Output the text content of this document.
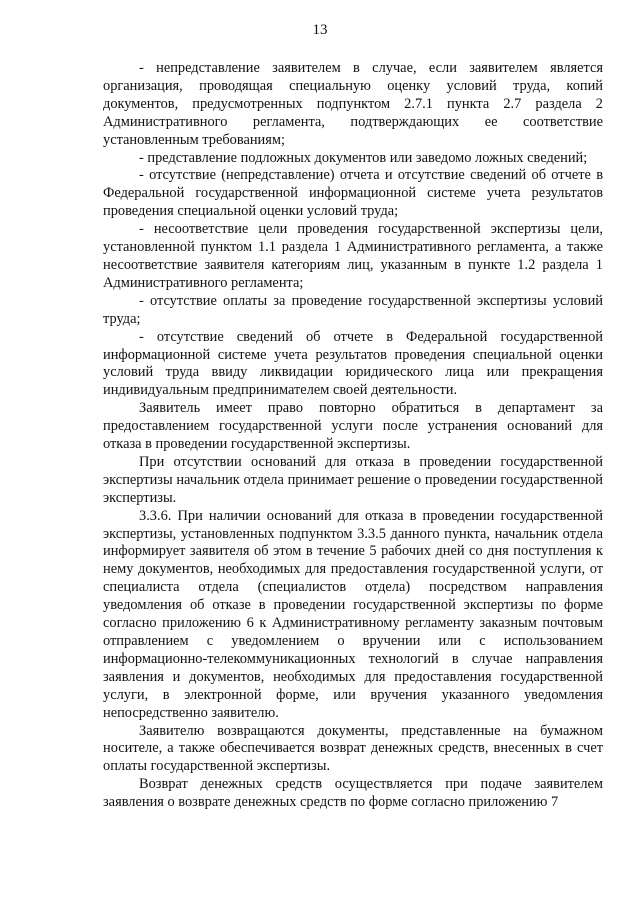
13

- непредставление заявителем в случае, если заявителем является организация, проводящая специальную оценку условий труда, копий документов, предусмотренных подпунктом 2.7.1 пункта 2.7 раздела 2 Административного регламента, подтверждающих ее соответствие установленным требованиям;

- представление подложных документов или заведомо ложных сведений;

- отсутствие (непредставление) отчета и отсутствие сведений об отчете в Федеральной государственной информационной системе учета результатов проведения специальной оценки условий труда;

- несоответствие цели проведения государственной экспертизы цели, установленной пунктом 1.1 раздела 1 Административного регламента, а также несоответствие заявителя категориям лиц, указанным в пункте 1.2 раздела 1 Административного регламента;

- отсутствие оплаты за проведение государственной экспертизы условий труда;

- отсутствие сведений об отчете в Федеральной государственной информационной системе учета результатов проведения специальной оценки условий труда ввиду ликвидации юридического лица или прекращения индивидуальным предпринимателем своей деятельности.

Заявитель имеет право повторно обратиться в департамент за предоставлением государственной услуги после устранения оснований для отказа в проведении государственной экспертизы.

При отсутствии оснований для отказа в проведении государственной экспертизы начальник отдела принимает решение о проведении государственной экспертизы.

3.3.6. При наличии оснований для отказа в проведении государственной экспертизы, установленных подпунктом 3.3.5 данного пункта, начальник отдела информирует заявителя об этом в течение 5 рабочих дней со дня поступления к нему документов, необходимых для предоставления государственной услуги, от специалиста отдела (специалистов отдела) посредством направления уведомления об отказе в проведении государственной экспертизы по форме согласно приложению 6 к Административному регламенту заказным почтовым отправлением с уведомлением о вручении или с использованием информационно-телекоммуникационных технологий в случае направления заявления и документов, необходимых для предоставления государственной услуги, в электронной форме, или вручения указанного уведомления непосредственно заявителю.

Заявителю возвращаются документы, представленные на бумажном носителе, а также обеспечивается возврат денежных средств, внесенных в счет оплаты государственной экспертизы.

Возврат денежных средств осуществляется при подаче заявителем заявления о возврате денежных средств по форме согласно приложению 7
